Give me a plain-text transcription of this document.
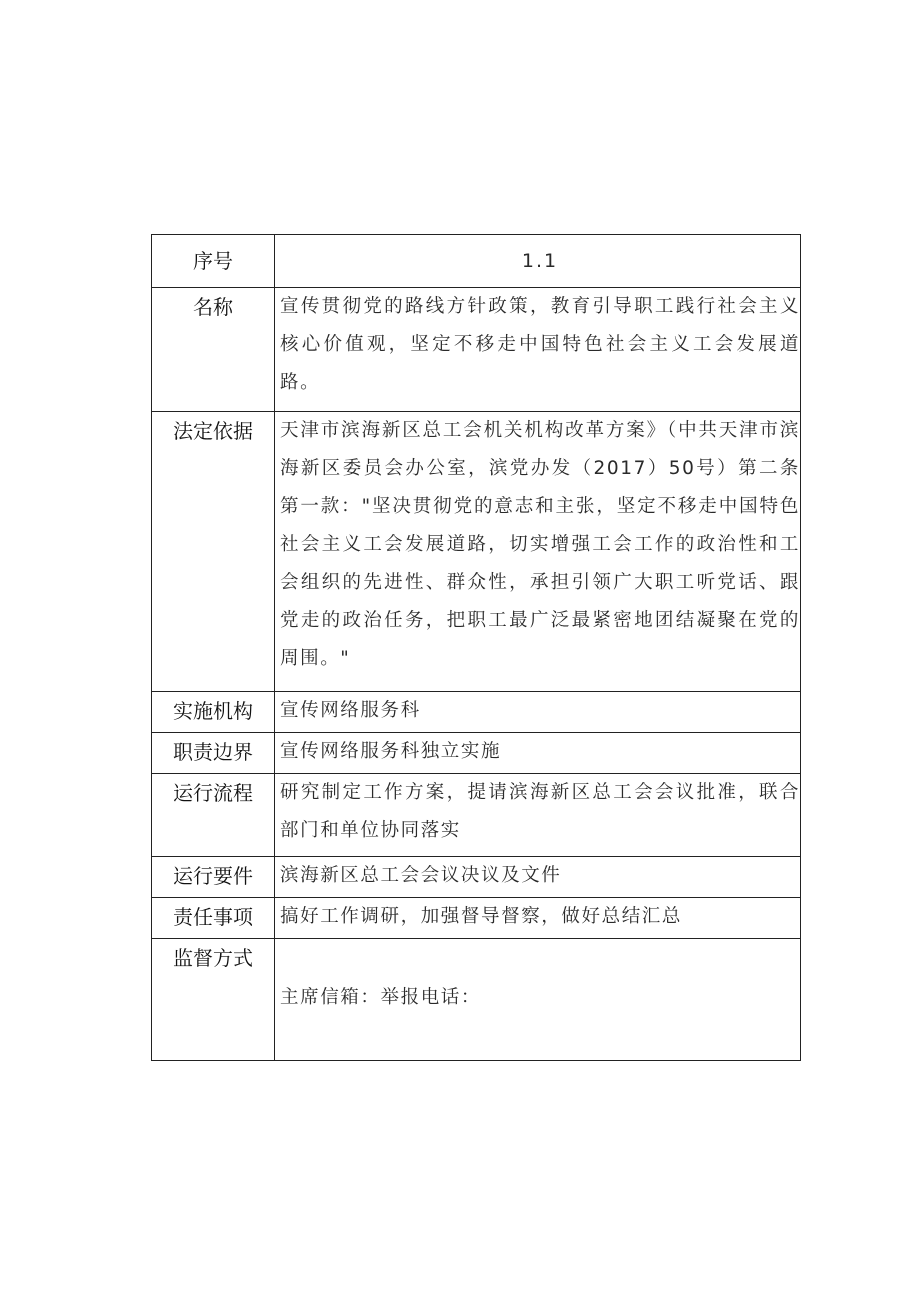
序号	1.1
名称	宣传贯彻党的路线方针政策，教育引导职工践行社会主义核心价值观，坚定不移走中国特色社会主义工会发展道路。
法定依据	天津市滨海新区总工会机关机构改革方案》（中共天津市滨海新区委员会办公室，滨党办发（2017）50号）第二条第一款："坚决贯彻党的意志和主张，坚定不移走中国特色社会主义工会发展道路，切实增强工会工作的政治性和工会组织的先进性、群众性，承担引领广大职工听党话、跟党走的政治任务，把职工最广泛最紧密地团结凝聚在党的周围。"
实施机构	宣传网络服务科
职责边界	宣传网络服务科独立实施
运行流程	研究制定工作方案，提请滨海新区总工会会议批准，联合部门和单位协同落实
运行要件	滨海新区总工会会议决议及文件
责任事项	搞好工作调研，加强督导督察，做好总结汇总
监督方式	主席信箱：举报电话：
